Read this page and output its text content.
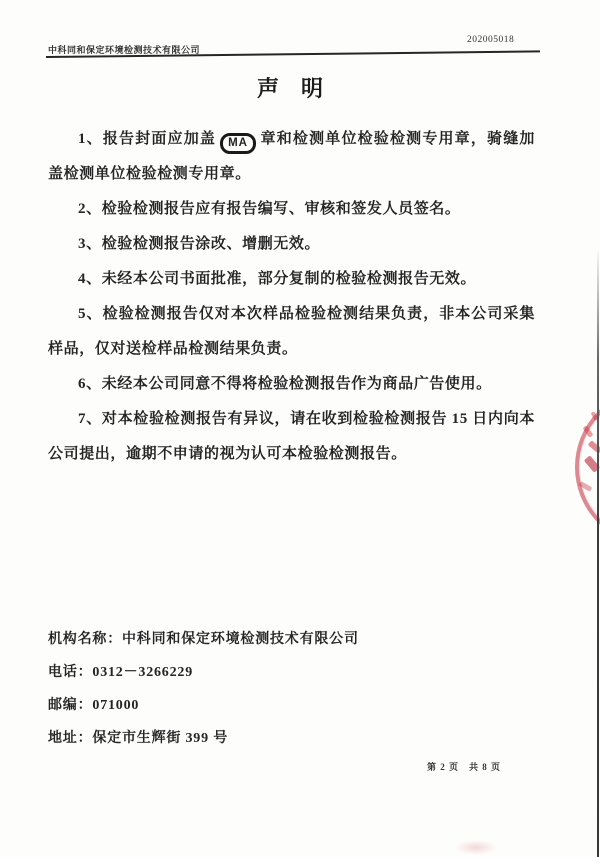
中科同和保定环境检测技术有限公司
202005018
声　明

1、报告封面应加盖 MA 章和检测单位检验检测专用章，骑缝加盖检测单位检验检测专用章。

2、检验检测报告应有报告编写、审核和签发人员签名。

3、检验检测报告涂改、增删无效。

4、未经本公司书面批准，部分复制的检验检测报告无效。

5、检验检测报告仅对本次样品检验检测结果负责，非本公司采集样品，仅对送检样品检测结果负责。

6、未经本公司同意不得将检验检测报告作为商品广告使用。

7、对本检验检测报告有异议，请在收到检验检测报告 15 日内向本公司提出，逾期不申请的视为认可本检验检测报告。

机构名称：中科同和保定环境检测技术有限公司
电话：0312－3266229
邮编：071000
地址：保定市生辉街 399 号
第 2 页　共 8 页
